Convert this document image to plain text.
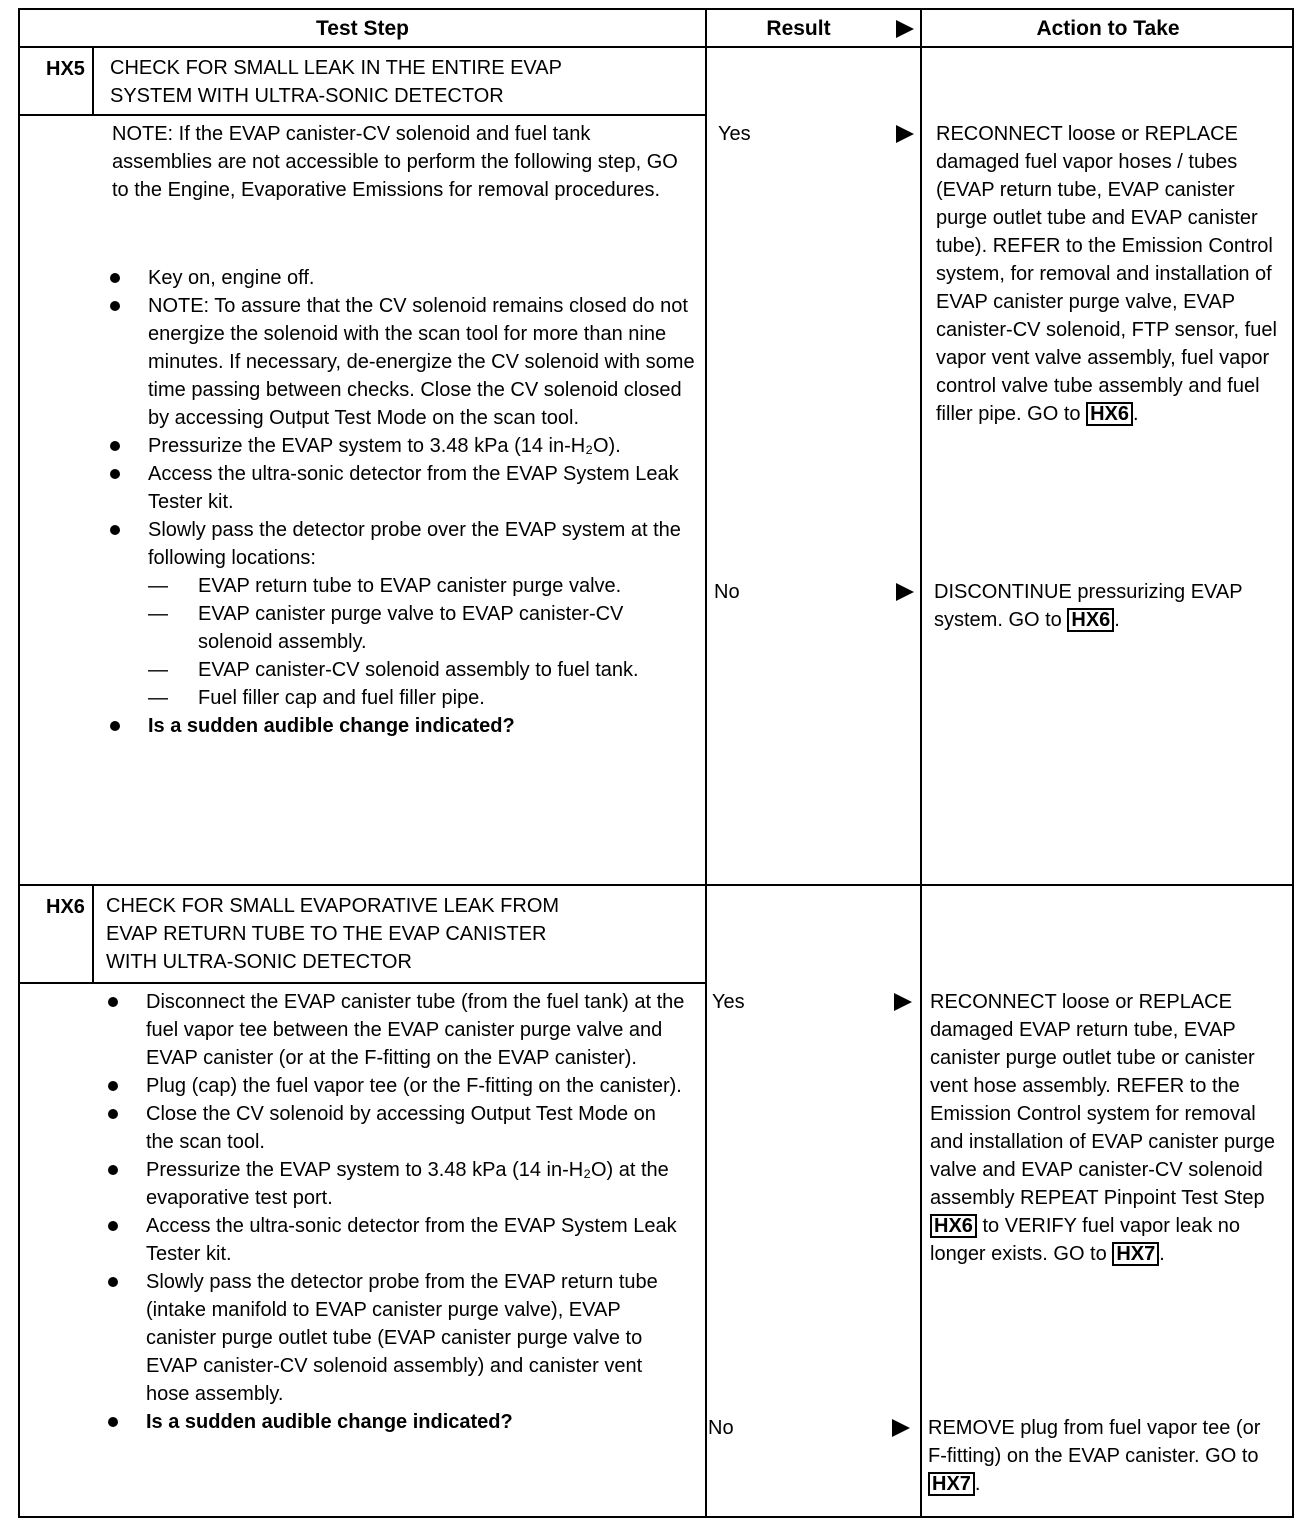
Test Step	Result	Action to Take
HX5 CHECK FOR SMALL LEAK IN THE ENTIRE EVAP
SYSTEM WITH ULTRA-SONIC DETECTOR
NOTE: If the EVAP canister-CV solenoid and fuel tank assemblies are not accessible to perform the following step, GO to the Engine, Evaporative Emissions for removal procedures.
Key on, engine off.
NOTE: To assure that the CV solenoid remains closed do not energize the solenoid with the scan tool for more than nine minutes. If necessary, de-energize the CV solenoid with some time passing between checks. Close the CV solenoid closed by accessing Output Test Mode on the scan tool.
Pressurize the EVAP system to 3.48 kPa (14 in-H₂O).
Access the ultra-sonic detector from the EVAP System Leak Tester kit.
Slowly pass the detector probe over the EVAP system at the following locations:
— EVAP return tube to EVAP canister purge valve.
— EVAP canister purge valve to EVAP canister-CV solenoid assembly.
— EVAP canister-CV solenoid assembly to fuel tank.
— Fuel filler cap and fuel filler pipe.
Is a sudden audible change indicated?
Yes	RECONNECT loose or REPLACE damaged fuel vapor hoses / tubes (EVAP return tube, EVAP canister purge outlet tube and EVAP canister tube). REFER to the Emission Control system, for removal and installation of EVAP canister purge valve, EVAP canister-CV solenoid, FTP sensor, fuel vapor vent valve assembly, fuel vapor control valve tube assembly and fuel filler pipe. GO to HX6 .
No	DISCONTINUE pressurizing EVAP system. GO to HX6 .
HX6 CHECK FOR SMALL EVAPORATIVE LEAK FROM
EVAP RETURN TUBE TO THE EVAP CANISTER
WITH ULTRA-SONIC DETECTOR
Disconnect the EVAP canister tube (from the fuel tank) at the fuel vapor tee between the EVAP canister purge valve and EVAP canister (or at the F-fitting on the EVAP canister).
Plug (cap) the fuel vapor tee (or the F-fitting on the canister).
Close the CV solenoid by accessing Output Test Mode on the scan tool.
Pressurize the EVAP system to 3.48 kPa (14 in-H₂O) at the evaporative test port.
Access the ultra-sonic detector from the EVAP System Leak Tester kit.
Slowly pass the detector probe from the EVAP return tube (intake manifold to EVAP canister purge valve), EVAP canister purge outlet tube (EVAP canister purge valve to EVAP canister-CV solenoid assembly) and canister vent hose assembly.
Is a sudden audible change indicated?
Yes	RECONNECT loose or REPLACE damaged EVAP return tube, EVAP canister purge outlet tube or canister vent hose assembly. REFER to the Emission Control system for removal and installation of EVAP canister purge valve and EVAP canister-CV solenoid assembly REPEAT Pinpoint Test Step HX6 to VERIFY fuel vapor leak no longer exists. GO to HX7 .
No	REMOVE plug from fuel vapor tee (or F-fitting) on the EVAP canister. GO to HX7 .
